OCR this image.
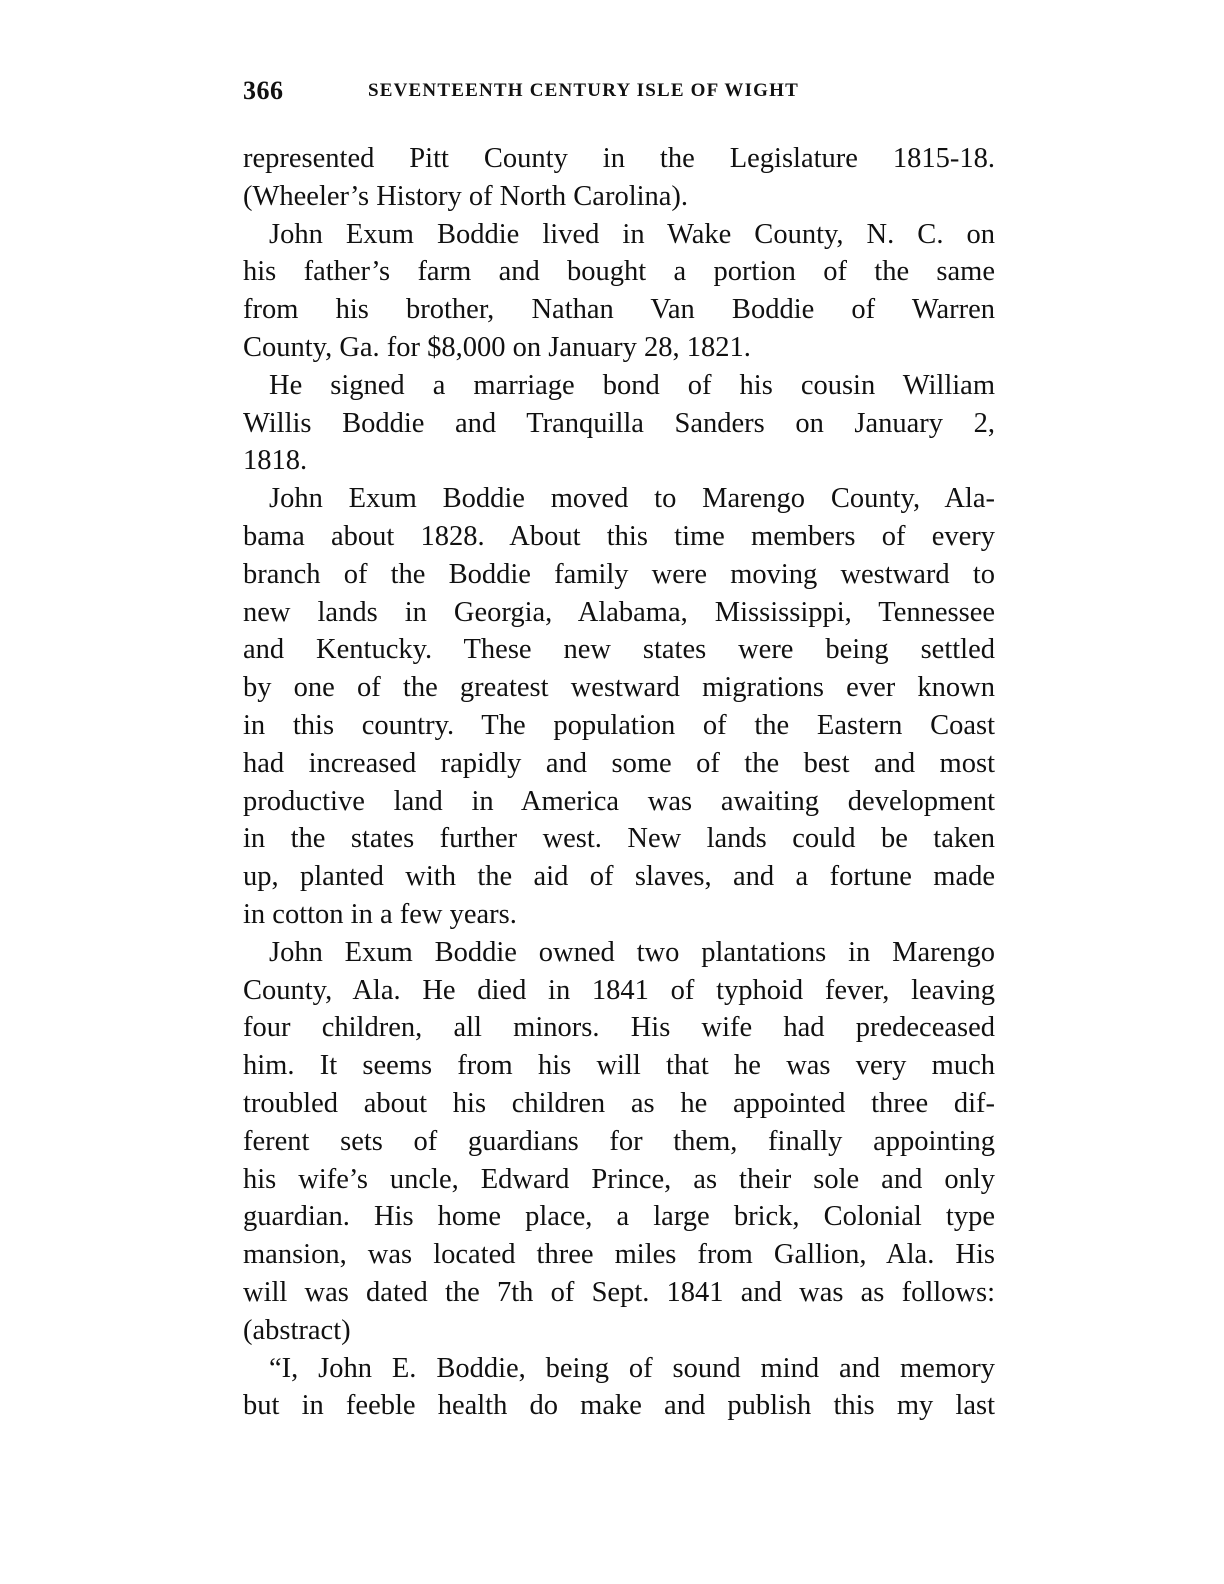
366	SEVENTEENTH CENTURY ISLE OF WIGHT
represented Pitt County in the Legislature 1815-18.
(Wheeler’s History of North Carolina).
John Exum Boddie lived in Wake County, N. C. on
his father’s farm and bought a portion of the same
from his brother, Nathan Van Boddie of Warren
County, Ga. for $8,000 on January 28, 1821.
He signed a marriage bond of his cousin William
Willis Boddie and Tranquilla Sanders on January 2,
1818.
John Exum Boddie moved to Marengo County, Ala-
bama about 1828. About this time members of every
branch of the Boddie family were moving westward to
new lands in Georgia, Alabama, Mississippi, Tennessee
and Kentucky. These new states were being settled
by one of the greatest westward migrations ever known
in this country. The population of the Eastern Coast
had increased rapidly and some of the best and most
productive land in America was awaiting development
in the states further west. New lands could be taken
up, planted with the aid of slaves, and a fortune made
in cotton in a few years.
John Exum Boddie owned two plantations in Marengo
County, Ala. He died in 1841 of typhoid fever, leaving
four children, all minors. His wife had predeceased
him. It seems from his will that he was very much
troubled about his children as he appointed three dif-
ferent sets of guardians for them, finally appointing
his wife’s uncle, Edward Prince, as their sole and only
guardian. His home place, a large brick, Colonial type
mansion, was located three miles from Gallion, Ala. His
will was dated the 7th of Sept. 1841 and was as follows:
(abstract)
“I, John E. Boddie, being of sound mind and memory
but in feeble health do make and publish this my last
